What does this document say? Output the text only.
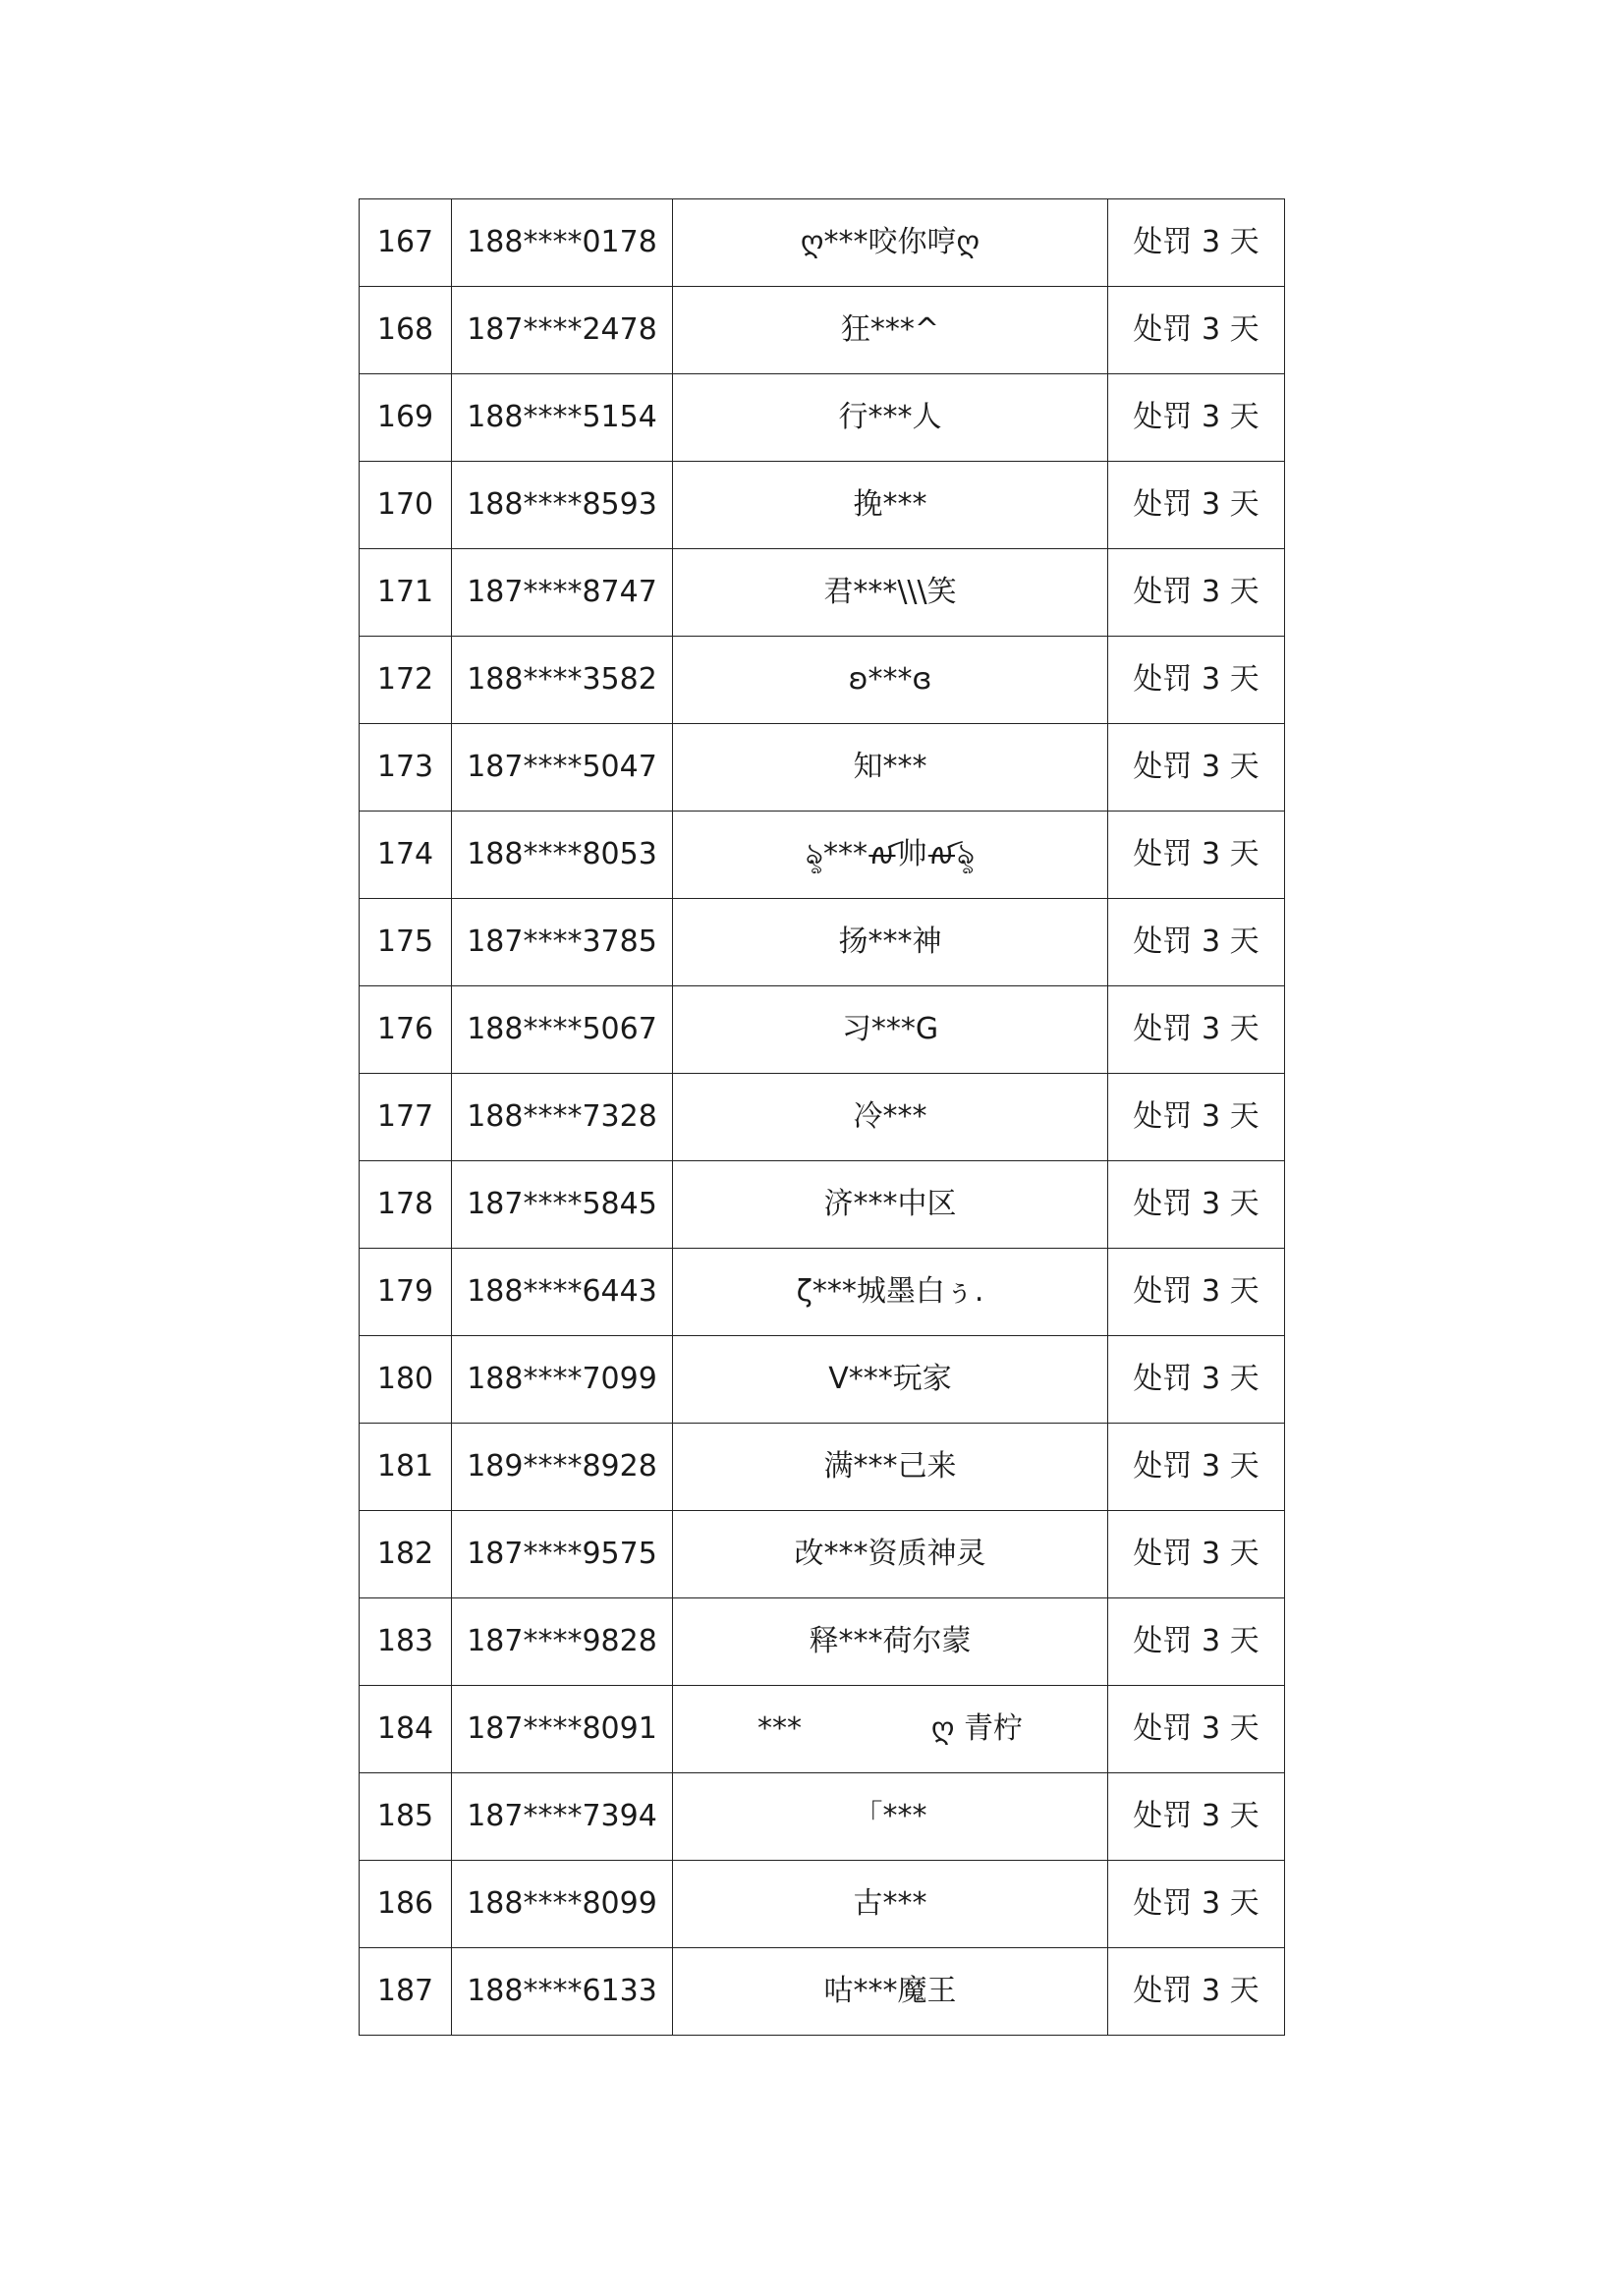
167	188****0178	ღ***咬你哼ღ	处罚 3 天
168	187****2478	狂***^	处罚 3 天
169	188****5154	行***人	处罚 3 天
170	188****8593	挽***	处罚 3 天
171	187****8747	君***\\\笑	处罚 3 天
172	188****3582	ʚ***ɞ	处罚 3 天
173	187****5047	知***	处罚 3 天
174	188****8053	ৡ***ꫛ帅ꫛৡ	处罚 3 天
175	187****3785	扬***神	处罚 3 天
176	188****5067	习***G	处罚 3 天
177	188****7328	冷***	处罚 3 天
178	187****5845	济***中区	处罚 3 天
179	188****6443	ζ***城墨白ぅ.	处罚 3 天
180	188****7099	V***玩家	处罚 3 天
181	189****8928	满***己来	处罚 3 天
182	187****9575	改***资质神灵	处罚 3 天
183	187****9828	释***荷尔蒙	处罚 3 天
184	187****8091	*** ღ 青柠	处罚 3 天
185	187****7394	「***	处罚 3 天
186	188****8099	古***	处罚 3 天
187	188****6133	咕***魔王	处罚 3 天
